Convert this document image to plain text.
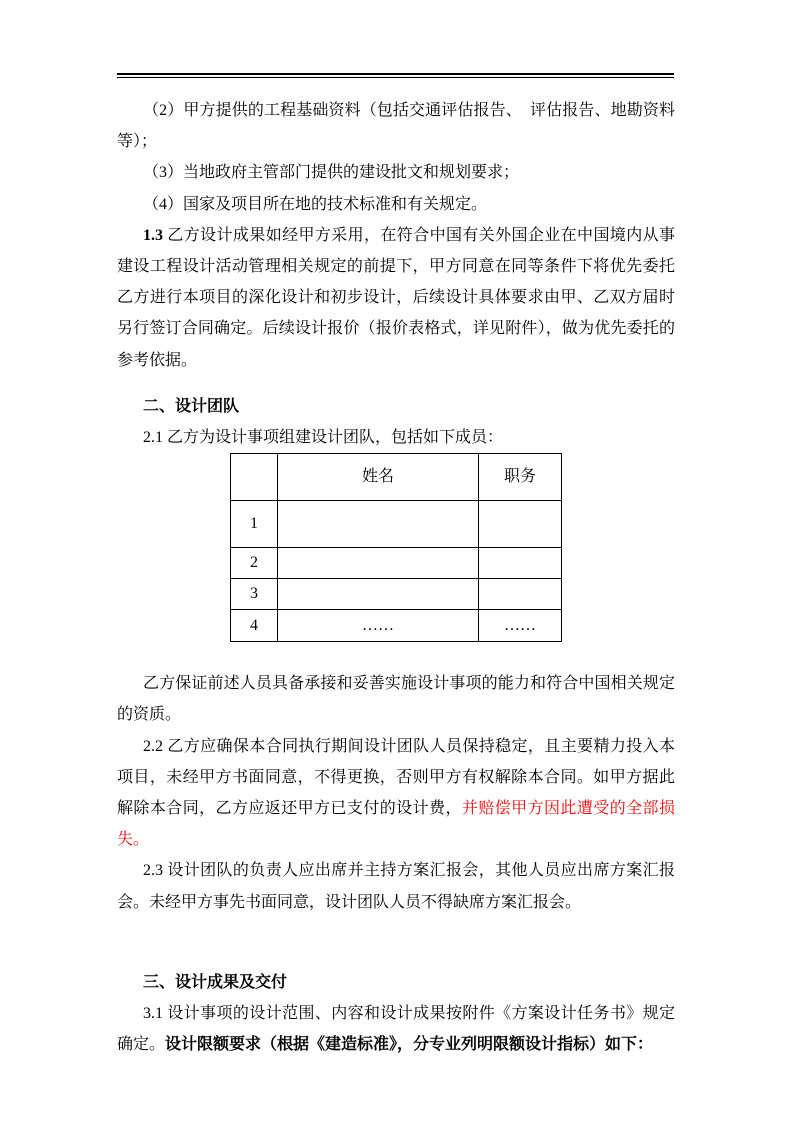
（2）甲方提供的工程基础资料（包括交通评估报告、　评估报告、地勘资料等）；

（3）当地政府主管部门提供的建设批文和规划要求；

（4）国家及项目所在地的技术标准和有关规定。

1.3 乙方设计成果如经甲方采用，在符合中国有关外国企业在中国境内从事建设工程设计活动管理相关规定的前提下，甲方同意在同等条件下将优先委托乙方进行本项目的深化设计和初步设计，后续设计具体要求由甲、乙双方届时另行签订合同确定。后续设计报价（报价表格式，详见附件），做为优先委托的参考依据。

二、设计团队

2.1 乙方为设计事项组建设计团队，包括如下成员：

	姓名	职务
1		
2		
3		
4	……	……

乙方保证前述人员具备承接和妥善实施设计事项的能力和符合中国相关规定的资质。

2.2 乙方应确保本合同执行期间设计团队人员保持稳定，且主要精力投入本项目，未经甲方书面同意，不得更换，否则甲方有权解除本合同。如甲方据此解除本合同，乙方应返还甲方已支付的设计费，并赔偿甲方因此遭受的全部损失。

2.3 设计团队的负责人应出席并主持方案汇报会，其他人员应出席方案汇报会。未经甲方事先书面同意，设计团队人员不得缺席方案汇报会。

三、设计成果及交付

3.1 设计事项的设计范围、内容和设计成果按附件《方案设计任务书》规定确定。设计限额要求（根据《建造标准》，分专业列明限额设计指标）如下：
